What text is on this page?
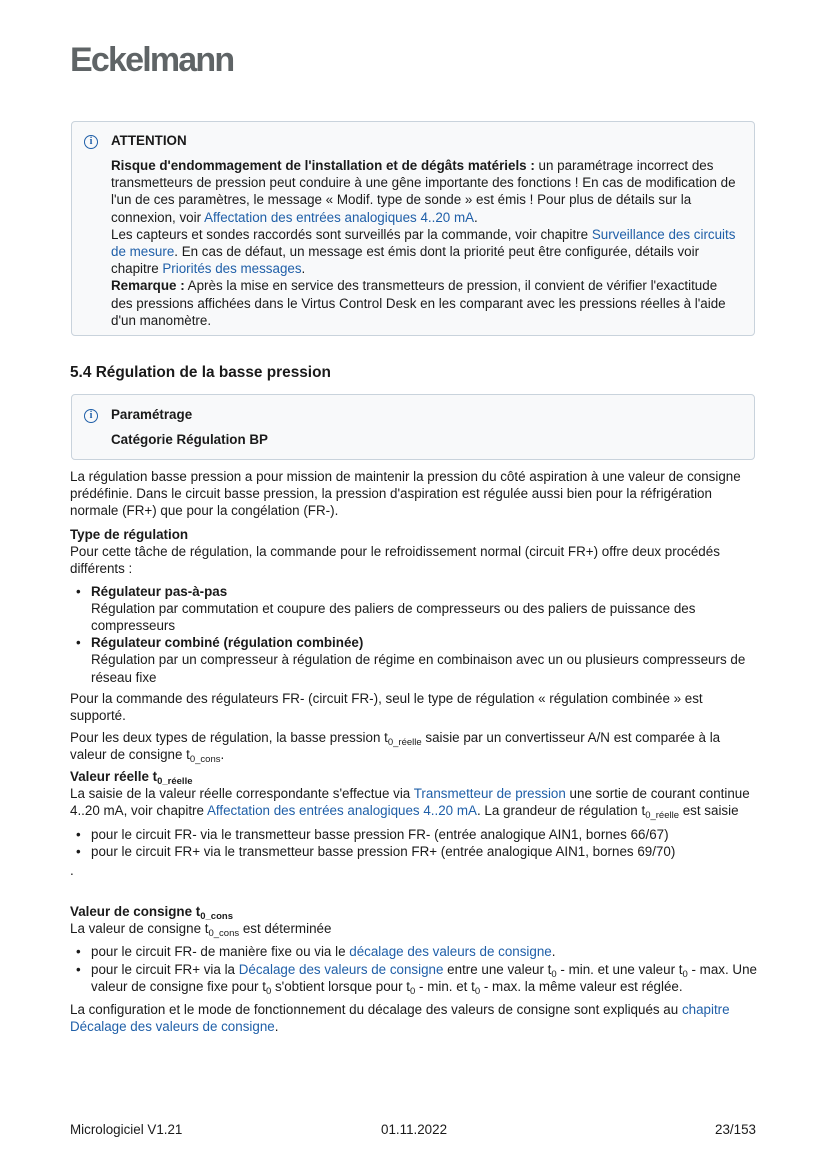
Eckelmann
i	ATTENTION
Risque d'endommagement de l'installation et de dégâts matériels : un paramétrage incorrect des transmetteurs de pression peut conduire à une gêne importante des fonctions ! En cas de modification de l'un de ces paramètres, le message « Modif. type de sonde » est émis ! Pour plus de détails sur la connexion, voir Affectation des entrées analogiques 4..20 mA.
Les capteurs et sondes raccordés sont surveillés par la commande, voir chapitre Surveillance des circuits de mesure. En cas de défaut, un message est émis dont la priorité peut être configurée, détails voir chapitre Priorités des messages.
Remarque : Après la mise en service des transmetteurs de pression, il convient de vérifier l'exactitude des pressions affichées dans le Virtus Control Desk en les comparant avec les pressions réelles à l'aide d'un manomètre.
5.4 Régulation de la basse pression
i	Paramétrage
Catégorie Régulation BP
La régulation basse pression a pour mission de maintenir la pression du côté aspiration à une valeur de consigne prédéfinie. Dans le circuit basse pression, la pression d'aspiration est régulée aussi bien pour la réfrigération normale (FR+) que pour la congélation (FR-).
Type de régulation
Pour cette tâche de régulation, la commande pour le refroidissement normal (circuit FR+) offre deux procédés différents :
• Régulateur pas-à-pas
Régulation par commutation et coupure des paliers de compresseurs ou des paliers de puissance des compresseurs
• Régulateur combiné (régulation combinée)
Régulation par un compresseur à régulation de régime en combinaison avec un ou plusieurs compresseurs de réseau fixe
Pour la commande des régulateurs FR- (circuit FR-), seul le type de régulation « régulation combinée » est supporté.
Pour les deux types de régulation, la basse pression $t_{0\_réelle}$ saisie par un convertisseur A/N est comparée à la valeur de consigne $t_{0\_cons}$.
Valeur réelle $t_{0\_réelle}$
La saisie de la valeur réelle correspondante s'effectue via Transmetteur de pression une sortie de courant continue 4..20 mA, voir chapitre Affectation des entrées analogiques 4..20 mA. La grandeur de régulation $t_{0\_réelle}$ est saisie
• pour le circuit FR- via le transmetteur basse pression FR- (entrée analogique AIN1, bornes 66/67)
• pour le circuit FR+ via le transmetteur basse pression FR+ (entrée analogique AIN1, bornes 69/70)
.
Valeur de consigne $t_{0\_cons}$
La valeur de consigne $t_{0\_cons}$ est déterminée
• pour le circuit FR- de manière fixe ou via le décalage des valeurs de consigne.
• pour le circuit FR+ via la Décalage des valeurs de consigne entre une valeur $t_0$ - min. et une valeur $t_0$ - max. Une valeur de consigne fixe pour $t_0$ s'obtient lorsque pour $t_0$ - min. et $t_0$ - max. la même valeur est réglée.
La configuration et le mode de fonctionnement du décalage des valeurs de consigne sont expliqués au chapitre Décalage des valeurs de consigne.
Micrologiciel V1.21	01.11.2022	23/153
